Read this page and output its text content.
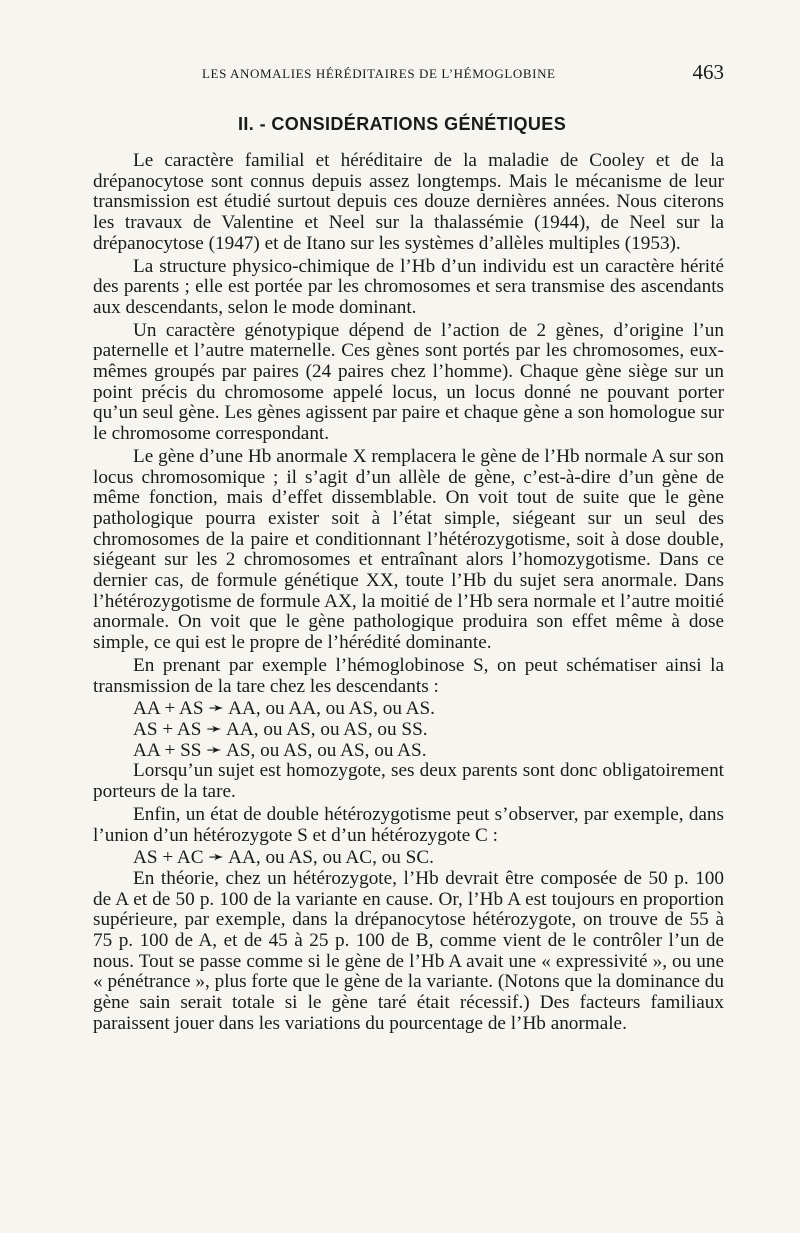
LES ANOMALIES HÉRÉDITAIRES DE L’HÉMOGLOBINE	463
II. - CONSIDÉRATIONS GÉNÉTIQUES

Le caractère familial et héréditaire de la maladie de Cooley et de la drépanocytose sont connus depuis assez longtemps. Mais le mécanisme de leur transmission est étudié surtout depuis ces douze dernières années. Nous citerons les travaux de Valentine et Neel sur la thalassémie (1944), de Neel sur la drépanocytose (1947) et de Itano sur les systèmes d’allèles multiples (1953).

La structure physico-chimique de l’Hb d’un individu est un caractère hérité des parents ; elle est portée par les chromosomes et sera transmise des ascendants aux descendants, selon le mode dominant.

Un caractère génotypique dépend de l’action de 2 gènes, d’origine l’un paternelle et l’autre maternelle. Ces gènes sont portés par les chromosomes, eux-mêmes groupés par paires (24 paires chez l’homme). Chaque gène siège sur un point précis du chromosome appelé locus, un locus donné ne pouvant porter qu’un seul gène. Les gènes agissent par paire et chaque gène a son homologue sur le chromosome correspondant.

Le gène d’une Hb anormale X remplacera le gène de l’Hb normale A sur son locus chromosomique ; il s’agit d’un allèle de gène, c’est-à-dire d’un gène de même fonction, mais d’effet dissemblable. On voit tout de suite que le gène pathologique pourra exister soit à l’état simple, siégeant sur un seul des chromosomes de la paire et conditionnant l’hétérozygotisme, soit à dose double, siégeant sur les 2 chromosomes et entraînant alors l’homozygotisme. Dans ce dernier cas, de formule génétique XX, toute l’Hb du sujet sera anormale. Dans l’hétérozygotisme de formule AX, la moitié de l’Hb sera normale et l’autre moitié anormale. On voit que le gène pathologique produira son effet même à dose simple, ce qui est le propre de l’hérédité dominante.

En prenant par exemple l’hémoglobinose S, on peut schématiser ainsi la transmission de la tare chez les descendants :

AA + AS ➛ AA, ou AA, ou AS, ou AS.
AS + AS ➛ AA, ou AS, ou AS, ou SS.
AA + SS ➛ AS, ou AS, ou AS, ou AS.

Lorsqu’un sujet est homozygote, ses deux parents sont donc obligatoirement porteurs de la tare.

Enfin, un état de double hétérozygotisme peut s’observer, par exemple, dans l’union d’un hétérozygote S et d’un hétérozygote C :

AS + AC ➛ AA, ou AS, ou AC, ou SC.

En théorie, chez un hétérozygote, l’Hb devrait être composée de 50 p. 100 de A et de 50 p. 100 de la variante en cause. Or, l’Hb A est toujours en proportion supérieure, par exemple, dans la drépanocytose hétérozygote, on trouve de 55 à 75 p. 100 de A, et de 45 à 25 p. 100 de B, comme vient de le contrôler l’un de nous. Tout se passe comme si le gène de l’Hb A avait une « expressivité », ou une « pénétrance », plus forte que le gène de la variante. (Notons que la dominance du gène sain serait totale si le gène taré était récessif.) Des facteurs familiaux paraissent jouer dans les variations du pourcentage de l’Hb anormale.
